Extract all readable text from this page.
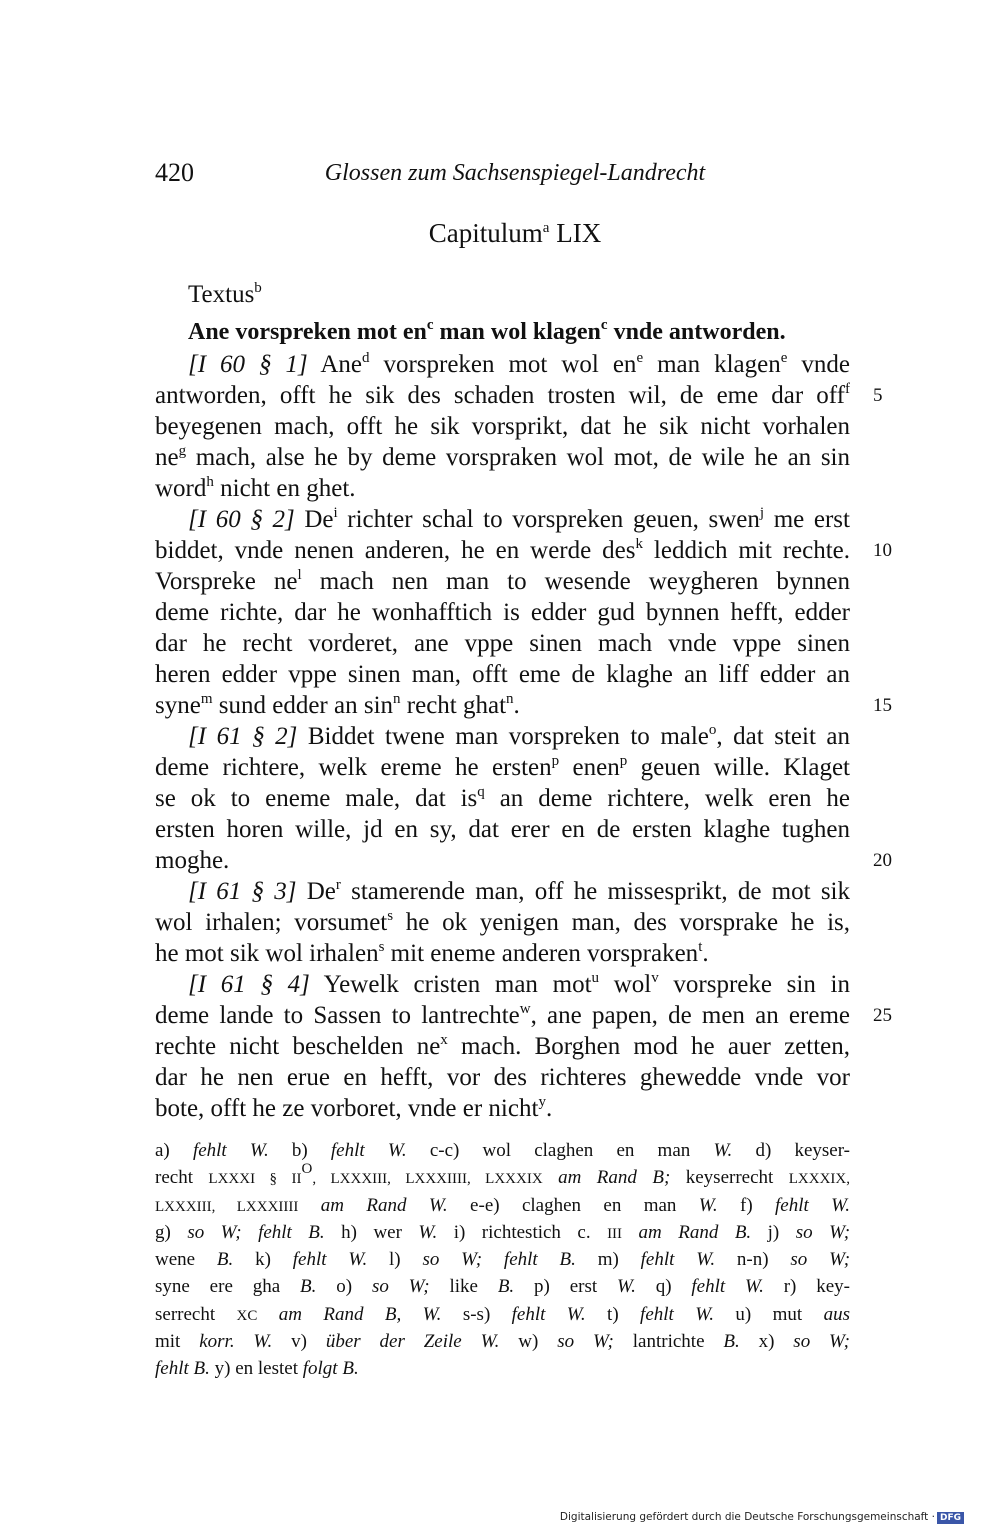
420	Glossen zum Sachsenspiegel-Landrecht
Capitulum$^a$ LIX
Textus$^b$
Ane vorspreken mot $en^c$ man wol klagen$^c$ vnde antworden.
[I 60 § 1] Ane$^d$ vorspreken mot wol $en^e$ man klagen$^e$ vnde
antworden, offt he sik des schaden trosten wil, de eme dar off$^f$ 5
beyegenen mach, offt he sik vorsprikt, dat he sik nicht vorhalen
$ne^g$ mach, alse he by deme vorspraken wol mot, de wile he an sin
word$^h$ nicht en ghet.
[I 60 § 2] De$^i$ richter schal to vorspreken geuen, swen$^j$ me erst
biddet, vnde nenen anderen, he en werde des$^k$ leddich mit rechte. 10
Vorspreke $ne^l$ mach nen man to wesende weygheren bynnen
deme richte, dar he wonhafftich is edder gud bynnen hefft, edder
dar he recht vorderet, ane vppe sinen mach vnde vppe sinen
heren edder vppe sinen man, offt eme de klaghe an liff edder an
syne$^m$ sund edder an $\sin^n$ recht ghat$^n$.	15
[I 61 § 2] Biddet twene man vorspreken to male$^o$, dat steit an
deme richtere, welk ereme he ersten$^p$ enen$^p$ geuen wille. Klaget
se ok to eneme male, dat $is^q$ an deme richtere, welk eren he
ersten horen wille, jd en sy, dat erer en de ersten klaghe tughen
moghe.	20
[I 61 § 3] De$^r$ stamerende man, off he missesprikt, de mot sik
wol irhalen; vorsumet$^s$ he ok yenigen man, des vorsprake he is,
he mot sik wol irhalen$^s$ mit eneme anderen vorspraken$^t$.
[I 61 § 4] Yewelk cristen man mot$^u$ wol$^v$ vorspreke sin in
deme lande to Sassen to lantrechte$^w$, ane papen, de men an ereme 25
rechte nicht beschelden $ne^x$ mach. Borghen mod he auer zetten,
dar he nen erue en hefft, vor des richteres ghewedde vnde vor
bote, offt he ze vorboret, vnde er nicht$^y$.
a) fehlt W. b) fehlt W. c-c) wol claghen en man W. d) keyser-
recht LXXXI § $II^O$, LXXXIII, LXXXIIII, LXXXIX am Rand B; keyserrecht LXXXIX,
LXXXIII, LXXXIIII am Rand W. e-e) claghen en man W. f) fehlt W.
g) so W; fehlt B. h) wer W. i) richtestich c. III am Rand B. j) so W;
wene B. k) fehlt W. l) so W; fehlt B. m) fehlt W. n-n) so W;
syne ere gha B. o) so W; like B. p) erst W. q) fehlt W. r) key-
serrecht XC am Rand B, W. s-s) fehlt W. t) fehlt W. u) mut aus
mit korr. W. v) über der Zeile W. w) so W; lantrichte B. x) so W;
fehlt B. y) en lestet folgt B.
Digitalisierung gefördert durch die Deutsche Forschungsgemeinschaft · DFG
